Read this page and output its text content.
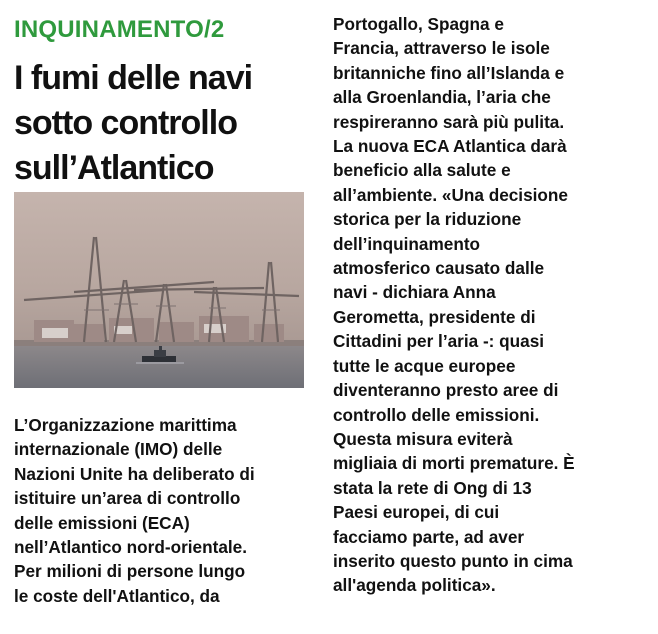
INQUINAMENTO/2
I fumi delle navi
sotto controllo
sull’Atlantico
L’Organizzazione marittima
internazionale (IMO) delle
Nazioni Unite ha deliberato di
istituire un’area di controllo
delle emissioni (ECA)
nell’Atlantico nord-orientale.
Per milioni di persone lungo
le coste dell'Atlantico, da
Portogallo, Spagna e
Francia, attraverso le isole
britanniche fino all’Islanda e
alla Groenlandia, l’aria che
respireranno sarà più pulita.
La nuova ECA Atlantica darà
beneficio alla salute e
all’ambiente. «Una decisione
storica per la riduzione
dell’inquinamento
atmosferico causato dalle
navi - dichiara Anna
Gerometta, presidente di
Cittadini per l’aria -: quasi
tutte le acque europee
diventeranno presto aree di
controllo delle emissioni.
Questa misura eviterà
migliaia di morti premature. È
stata la rete di Ong di 13
Paesi europei, di cui
facciamo parte, ad aver
inserito questo punto in cima
all'agenda politica».
